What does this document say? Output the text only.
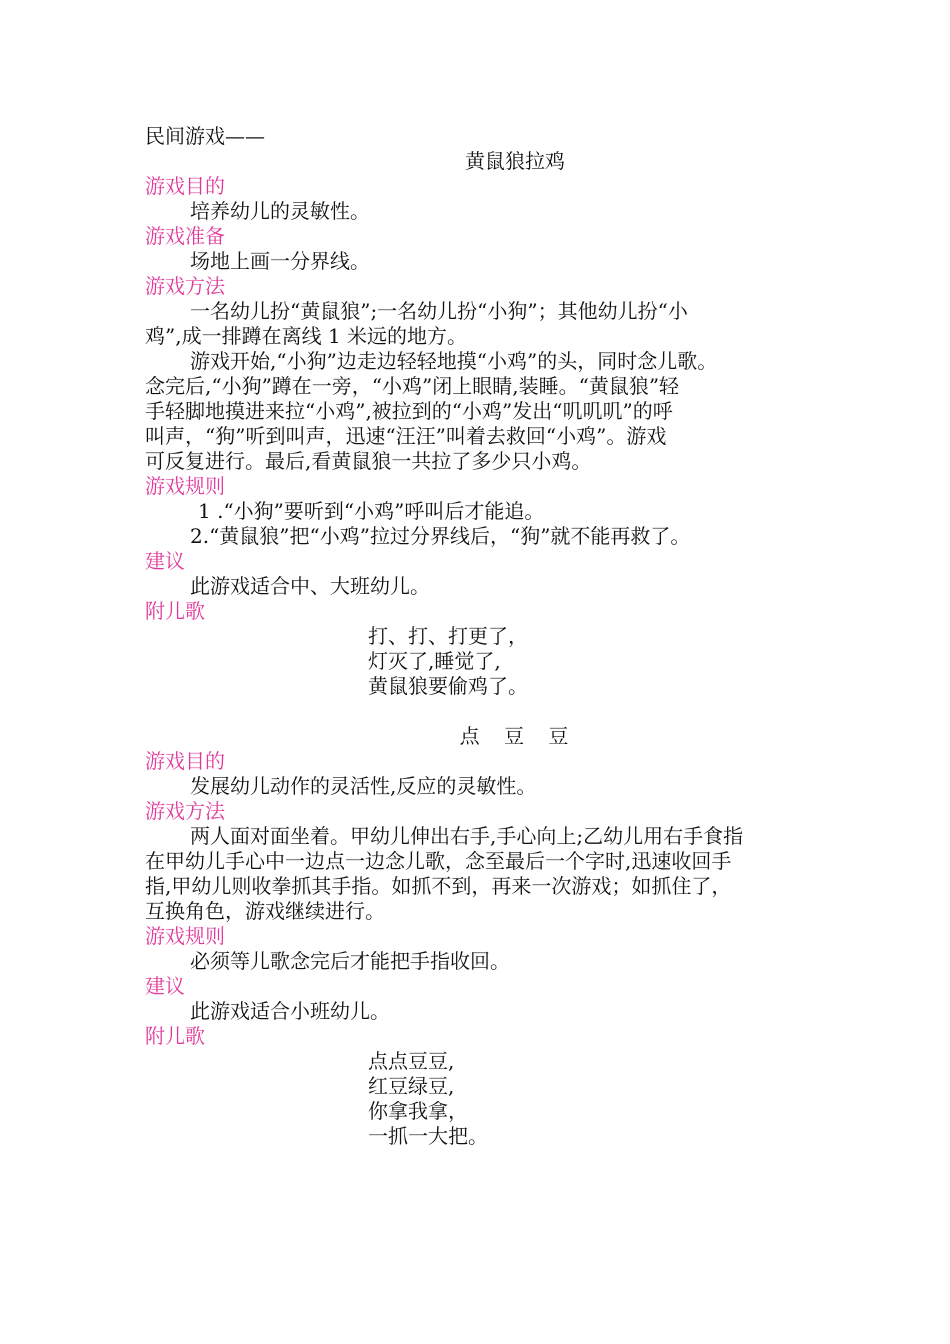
民间游戏——
黄鼠狼拉鸡
游戏目的
培养幼儿的灵敏性。
游戏准备
场地上画一分界线。
游戏方法
一名幼儿扮“黄鼠狼”;一名幼儿扮“小狗”；其他幼儿扮“小
鸡”,成一排蹲在离线 1 米远的地方。
游戏开始,“小狗”边走边轻轻地摸“小鸡”的头，同时念儿歌。
念完后,“小狗”蹲在一旁，“小鸡”闭上眼睛,装睡。“黄鼠狼”轻
手轻脚地摸进来拉“小鸡”,被拉到的“小鸡”发出“叽叽叽”的呼
叫声，“狗”听到叫声，迅速“汪汪”叫着去救回“小鸡”。游戏
可反复进行。最后,看黄鼠狼一共拉了多少只小鸡。
游戏规则
1 .“小狗”要听到“小鸡”呼叫后才能追。
2.“黄鼠狼”把“小鸡”拉过分界线后，“狗”就不能再救了。
建议
此游戏适合中、大班幼儿。
附儿歌
打、打、打更了，
灯灭了,睡觉了,
黄鼠狼要偷鸡了。
点 豆 豆
游戏目的
发展幼儿动作的灵活性,反应的灵敏性。
游戏方法
两人面对面坐着。甲幼儿伸出右手,手心向上;乙幼儿用右手食指
在甲幼儿手心中一边点一边念儿歌，念至最后一个字时,迅速收回手
指,甲幼儿则收拳抓其手指。如抓不到，再来一次游戏；如抓住了，
互换角色，游戏继续进行。
游戏规则
必须等儿歌念完后才能把手指收回。
建议
此游戏适合小班幼儿。
附儿歌
点点豆豆,
红豆绿豆,
你拿我拿，
一抓一大把。
